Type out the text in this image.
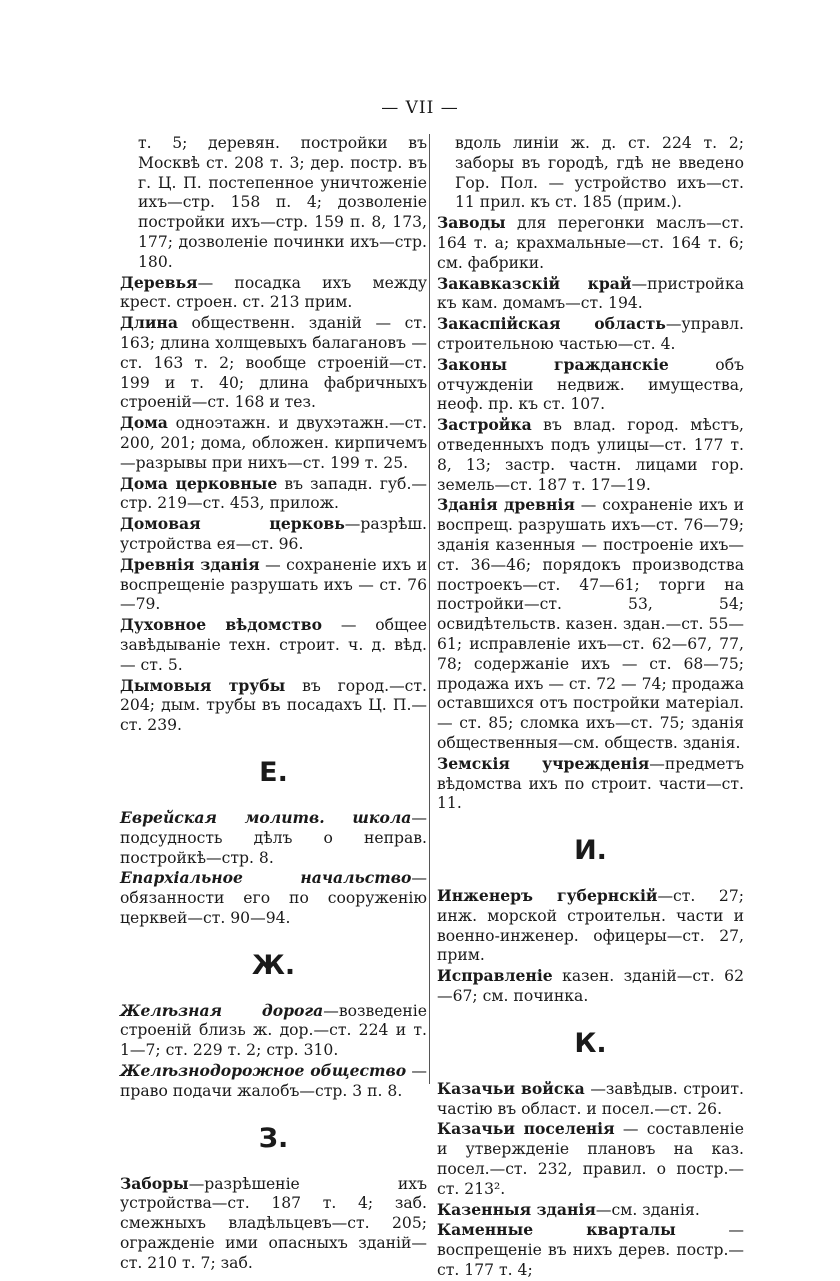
— VII —
т. 5; деревян. постройки въ Москвѣ ст. 208 т. 3; дер. постр. въ г. Ц. П. постепенное уничтоженіе ихъ—стр. 158 п. 4; дозволеніе постройки ихъ—стр. 159 п. 8, 173, 177; дозволеніе починки ихъ—стр. 180.
Деревья— посадка ихъ между крест. строен. ст. 213 прим.
Длина общественн. зданій — ст. 163; длина холщевыхъ балагановъ — ст. 163 т. 2; вообще строеній—ст. 199 и т. 40; длина фабричныхъ строеній—ст. 168 и тез.
Дома одноэтажн. и двухэтажн.—ст. 200, 201; дома, обложен. кирпичемъ—разрывы при нихъ—ст. 199 т. 25.
Дома церковные въ западн. губ.—стр. 219—ст. 453, прилож.
Домовая церковь—разрѣш. устройства ея—ст. 96.
Древнія зданія — сохраненіе ихъ и воспрещеніе разрушать ихъ — ст. 76—79.
Духовное вѣдомство — общее завѣдываніе техн. строит. ч. д. вѣд. — ст. 5.
Дымовыя трубы въ город.—ст. 204; дым. трубы въ посадахъ Ц. П.—ст. 239.
Е.
Еврейская молитв. школа—подсудность дѣлъ о неправ. постройкѣ—стр. 8.
Епархіальное начальство—обязанности его по сооруженію церквей—ст. 90—94.
Ж.
Желѣзная дорога—возведеніе строеній близь ж. дор.—ст. 224 и т. 1—7; ст. 229 т. 2; стр. 310.
Желѣзнодорожное общество — право подачи жалобъ—стр. 3 п. 8.
З.
Заборы—разрѣшеніе ихъ устройства—ст. 187 т. 4; заб. смежныхъ владѣльцевъ—ст. 205; огражденіе ими опасныхъ зданій—ст. 210 т. 7; заб.
вдоль линіи ж. д. ст. 224 т. 2; заборы въ городѣ, гдѣ не введено Гор. Пол. — устройство ихъ—ст. 11 прил. къ ст. 185 (прим.).
Заводы для перегонки маслъ—ст. 164 т. а; крахмальные—ст. 164 т. 6; см. фабрики.
Закавказскій край—пристройка къ кам. домамъ—ст. 194.
Закаспійская область—управл. строительною частью—ст. 4.
Законы гражданскіе объ отчужденіи недвиж. имущества, неоф. пр. къ ст. 107.
Застройка въ влад. город. мѣстъ, отведенныхъ подъ улицы—ст. 177 т. 8, 13; застр. частн. лицами гор. земель—ст. 187 т. 17—19.
Зданія древнія — сохраненіе ихъ и воспрещ. разрушать ихъ—ст. 76—79; зданія казенныя — построеніе ихъ—ст. 36—46; порядокъ производства построекъ—ст. 47—61; торги на постройки—ст. 53, 54; освидѣтельств. казен. здан.—ст. 55—61; исправленіе ихъ—ст. 62—67, 77, 78; содержаніе ихъ — ст. 68—75; продажа ихъ — ст. 72 — 74; продажа оставшихся отъ постройки матеріал. — ст. 85; сломка ихъ—ст. 75; зданія общественныя—см. обществ. зданія.
Земскія учрежденія—предметъ вѣдомства ихъ по строит. части—ст. 11.
И.
Инженеръ губернскій—ст. 27; инж. морской строительн. части и военно-инженер. офицеры—ст. 27, прим.
Исправленіе казен. зданій—ст. 62—67; см. починка.
К.
Казачьи войска —завѣдыв. строит. частію въ област. и посел.—ст. 26.
Казачьи поселенія — составленіе и утвержденіе плановъ на каз. посел.—ст. 232, правил. о постр.— ст. 213².
Казенныя зданія—см. зданія.
Каменные кварталы — воспрещеніе въ нихъ дерев. постр.—ст. 177 т. 4;
